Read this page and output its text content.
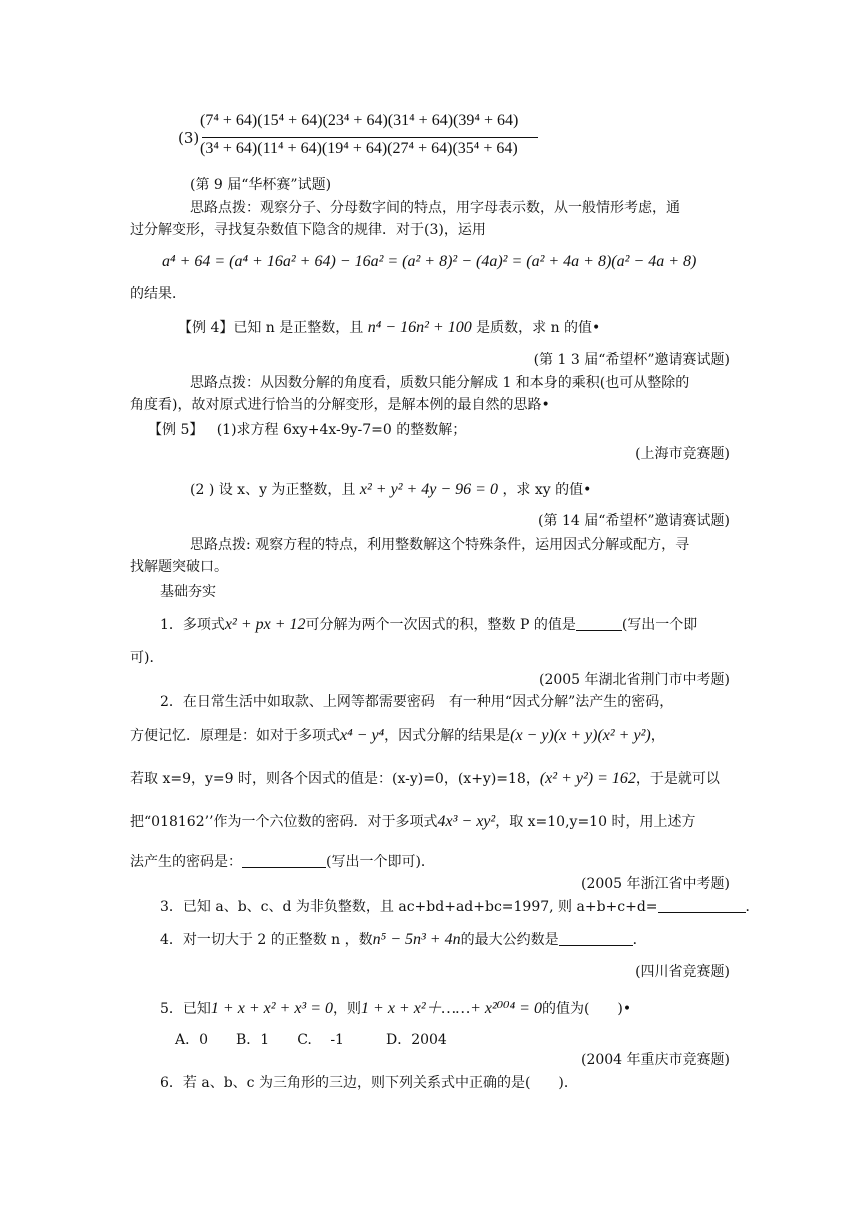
(3)
(7⁴ + 64)(15⁴ + 64)(23⁴ + 64)(31⁴ + 64)(39⁴ + 64)
(3⁴ + 64)(11⁴ + 64)(19⁴ + 64)(27⁴ + 64)(35⁴ + 64)
(第 9 届“华杯赛”试题)
思路点拨：观察分子、分母数字间的特点，用字母表示数，从一般情形考虑，通
过分解变形，寻找复杂数值下隐含的规律．对于(3)，运用
a⁴ + 64 = (a⁴ + 16a² + 64) − 16a² = (a² + 8)² − (4a)² = (a² + 4a + 8)(a² − 4a + 8)
的结果．
【例 4】已知 n 是正整数，且 n⁴ − 16n² + 100 是质数，求 n 的值•
(第 1 3 届“希望杯”邀请赛试题)
思路点拨：从因数分解的角度看，质数只能分解成 1 和本身的乘积(也可从整除的
角度看)，故对原式进行恰当的分解变形，是解本例的最自然的思路•
【例 5】 (1)求方程 6xy+4x-9y-7=0 的整数解；
(上海市竞赛题)
(2 ) 设 x、y 为正整数，且 x² + y² + 4y − 96 = 0 ，求 xy 的值•
(第 14 届“希望杯”邀请赛试题)
思路点拨: 观察方程的特点，利用整数解这个特殊条件，运用因式分解或配方，寻
找解题突破口。
基础夯实
1．多项式x² + px + 12可分解为两个一次因式的积，整数 P 的值是	(写出一个即
可)．
(2005 年湖北省荆门市中考题)
2．在日常生活中如取款、上网等都需要密码　有一种用“因式分解”法产生的密码，
方便记忆．原理是：如对于多项式x⁴ − y⁴，因式分解的结果是(x − y)(x + y)(x² + y²)，
若取 x=9，y=9 时，则各个因式的值是：(x-y)=0，(x+y)=18，(x² + y²) = 162，于是就可以
把“018162’’作为一个六位数的密码．对于多项式4x³ − xy²，取 x=10,y=10 时，用上述方
法产生的密码是：	(写出一个即可)．
(2005 年浙江省中考题)
3．已知 a、b、c、d 为非负整数，且 ac+bd+ad+bc=1997, 则 a+b+c+d=	．
4．对一切大于 2 的正整数 n ，数n⁵ − 5n³ + 4n的最大公约数是	．
(四川省竞赛题)
5．已知1 + x + x² + x³ = 0，则1 + x + x²＋……+ x²⁰⁰⁴ = 0的值为(　　)•
A．0　　B．1　　C.　 -1　　　D．2004
(2004 年重庆市竞赛题)
6．若 a、b、c 为三角形的三边，则下列关系式中正确的是(　　)．
